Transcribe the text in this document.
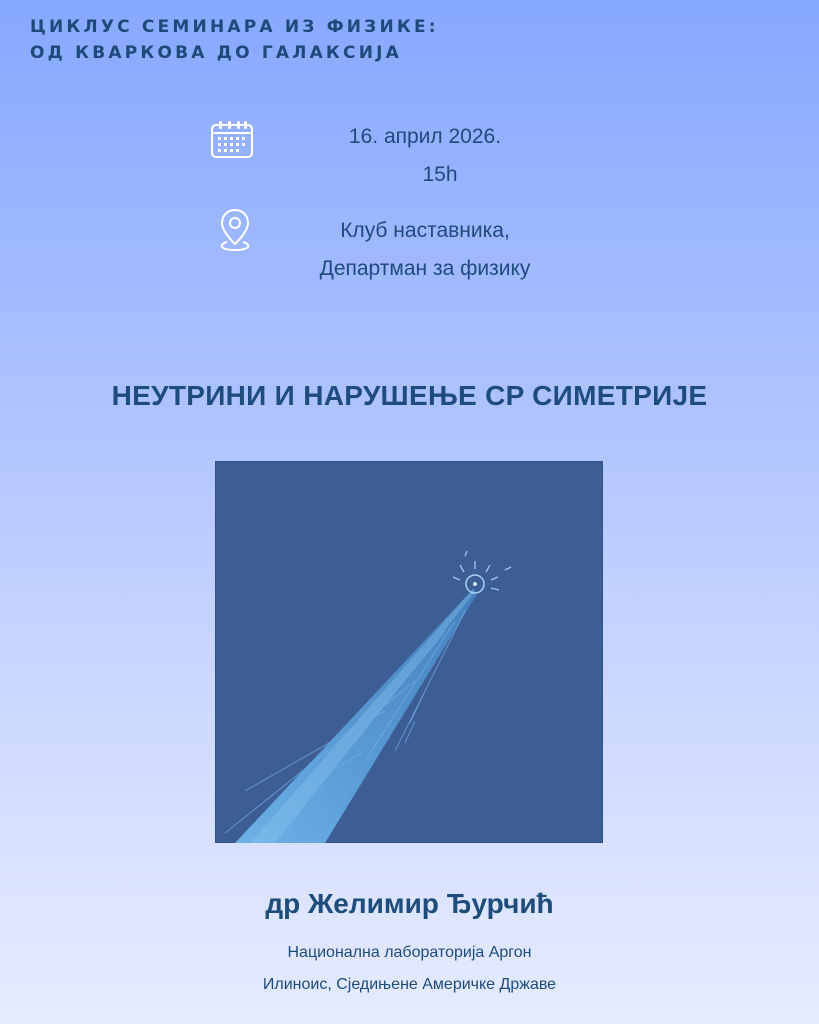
ЦИКЛУС СЕМИНАРА ИЗ ФИЗИКЕ:
ОД КВАРКОВА ДО ГАЛАКСИЈА
16. април 2026.
15h
Клуб наставника,
Департман за физику
НЕУТРИНИ И НАРУШЕЊЕ CP СИМЕТРИЈЕ
др Желимир Ђурчић
Национална лабораторија Аргон
Илиноис, Сједињене Америчке Државе
